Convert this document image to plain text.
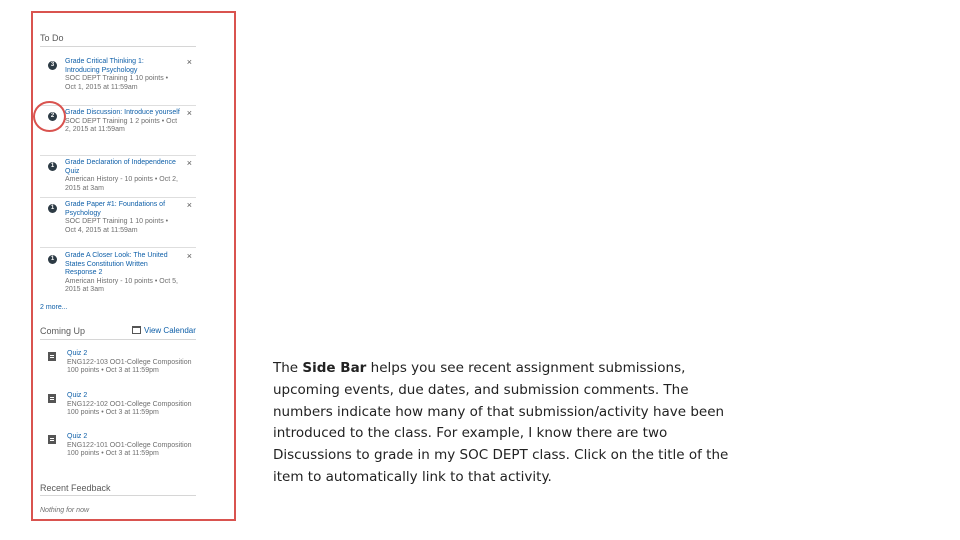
To Do
3	Grade Critical Thinking 1: Introducing Psychology
SOC DEPT Training 1 10 points • Oct 1, 2015 at 11:59am
×
2	Grade Discussion: Introduce yourself
SOC DEPT Training 1 2 points • Oct 2, 2015 at 11:59am
×
1	Grade Declaration of Independence Quiz
American History - 10 points • Oct 2, 2015 at 3am
×
1	Grade Paper #1: Foundations of Psychology
SOC DEPT Training 1 10 points • Oct 4, 2015 at 11:59am
×
1	Grade A Closer Look: The United States Constitution Written Response 2
American History - 10 points • Oct 5, 2015 at 3am
×
2 more...
Coming Up	View Calendar
Quiz 2
ENG122-103 OO1-College Composition 100 points • Oct 3 at 11:59pm
Quiz 2
ENG122-102 OO1-College Composition 100 points • Oct 3 at 11:59pm
Quiz 2
ENG122-101 OO1-College Composition 100 points • Oct 3 at 11:59pm
Recent Feedback
Nothing for now
The Side Bar helps you see recent assignment submissions, upcoming events, due dates, and submission comments. The numbers indicate how many of that submission/activity have been introduced to the class. For example, I know there are two Discussions to grade in my SOC DEPT class. Click on the title of the item to automatically link to that activity.
